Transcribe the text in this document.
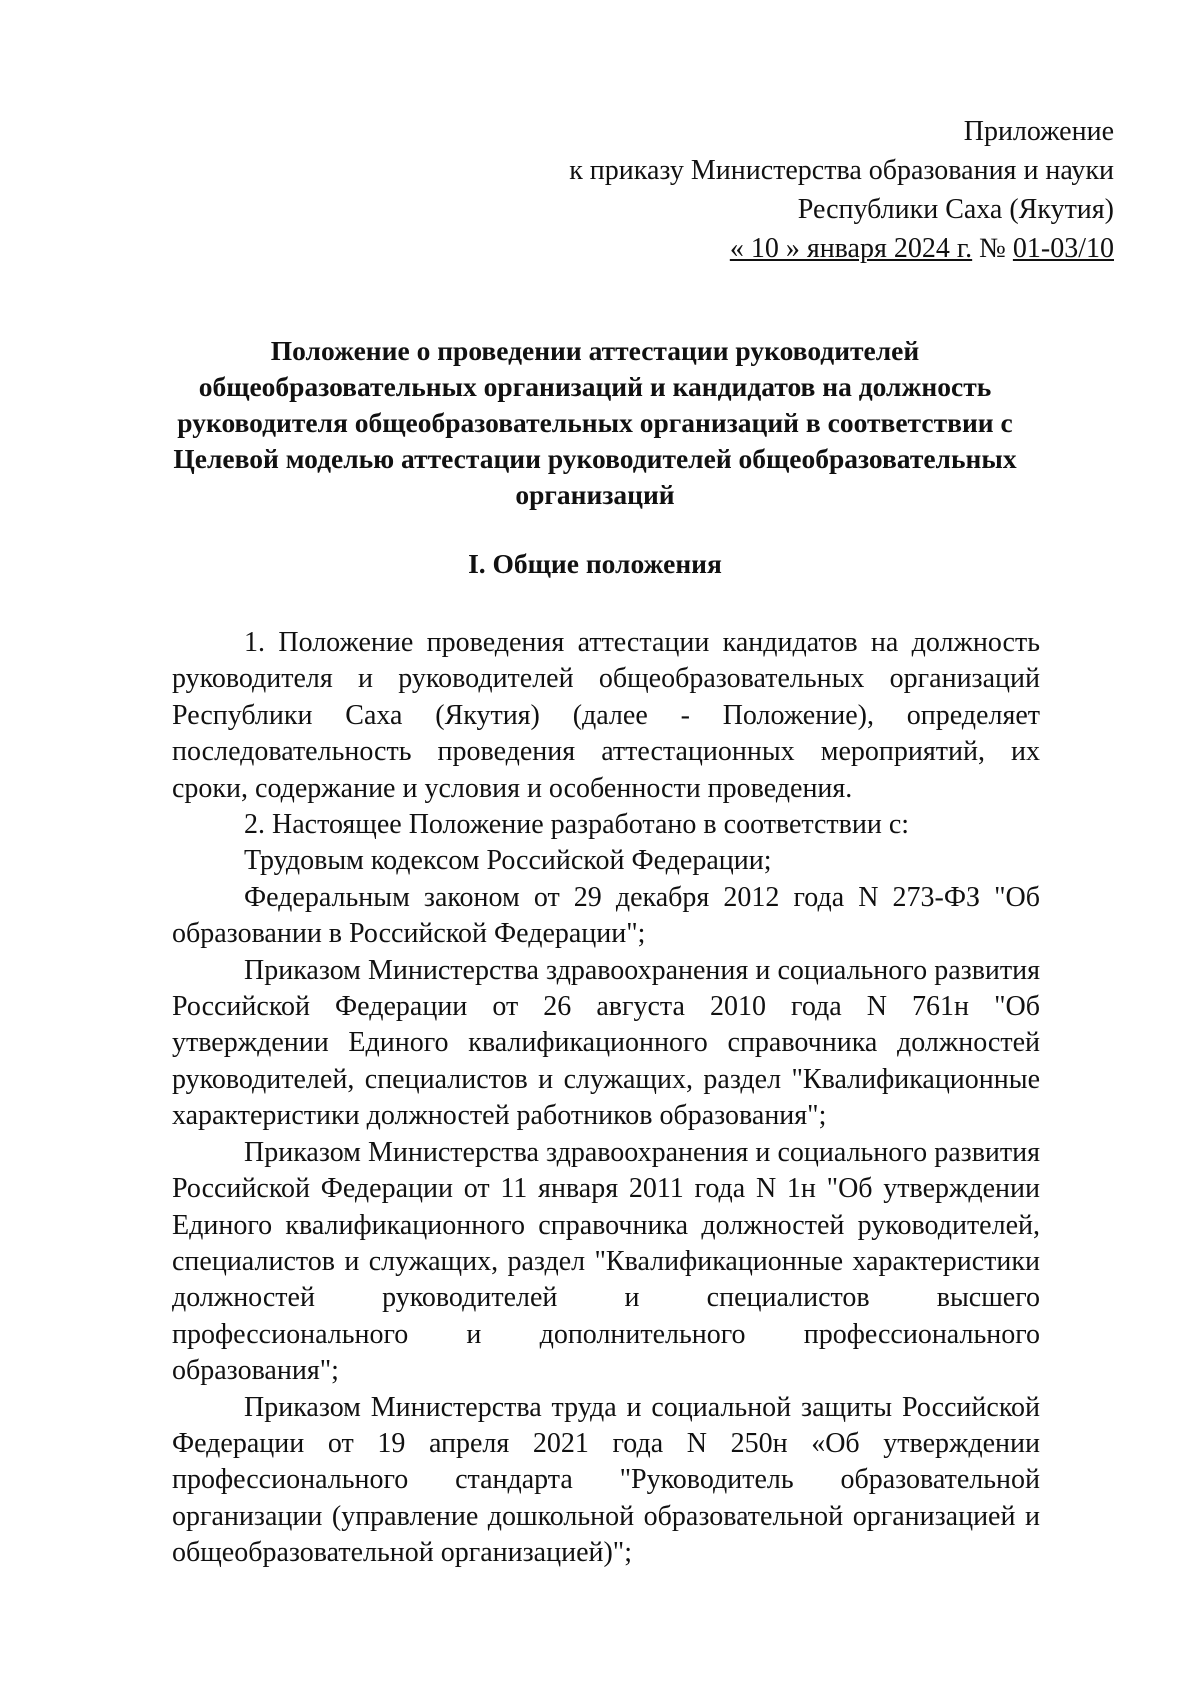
Приложение
к приказу Министерства образования и науки
Республики Саха (Якутия)
« 10 » января 2024 г. № 01-03/10
Положение о проведении аттестации руководителей общеобразовательных организаций и кандидатов на должность руководителя общеобразовательных организаций в соответствии с Целевой моделью аттестации руководителей общеобразовательных организаций
I. Общие положения

1. Положение проведения аттестации кандидатов на должность руководителя и руководителей общеобразовательных организаций Республики Саха (Якутия) (далее - Положение), определяет последовательность проведения аттестационных мероприятий, их сроки, содержание и условия и особенности проведения.

2. Настоящее Положение разработано в соответствии с:

Трудовым кодексом Российской Федерации;

Федеральным законом от 29 декабря 2012 года N 273-ФЗ "Об образовании в Российской Федерации";

Приказом Министерства здравоохранения и социального развития Российской Федерации от 26 августа 2010 года N 761н "Об утверждении Единого квалификационного справочника должностей руководителей, специалистов и служащих, раздел "Квалификационные характеристики должностей работников образования";

Приказом Министерства здравоохранения и социального развития Российской Федерации от 11 января 2011 года N 1н "Об утверждении Единого квалификационного справочника должностей руководителей, специалистов и служащих, раздел "Квалификационные характеристики должностей руководителей и специалистов высшего профессионального и дополнительного профессионального образования";

Приказом Министерства труда и социальной защиты Российской Федерации от 19 апреля 2021 года N 250н «Об утверждении профессионального стандарта "Руководитель образовательной организации (управление дошкольной образовательной организацией и общеобразовательной организацией)";
